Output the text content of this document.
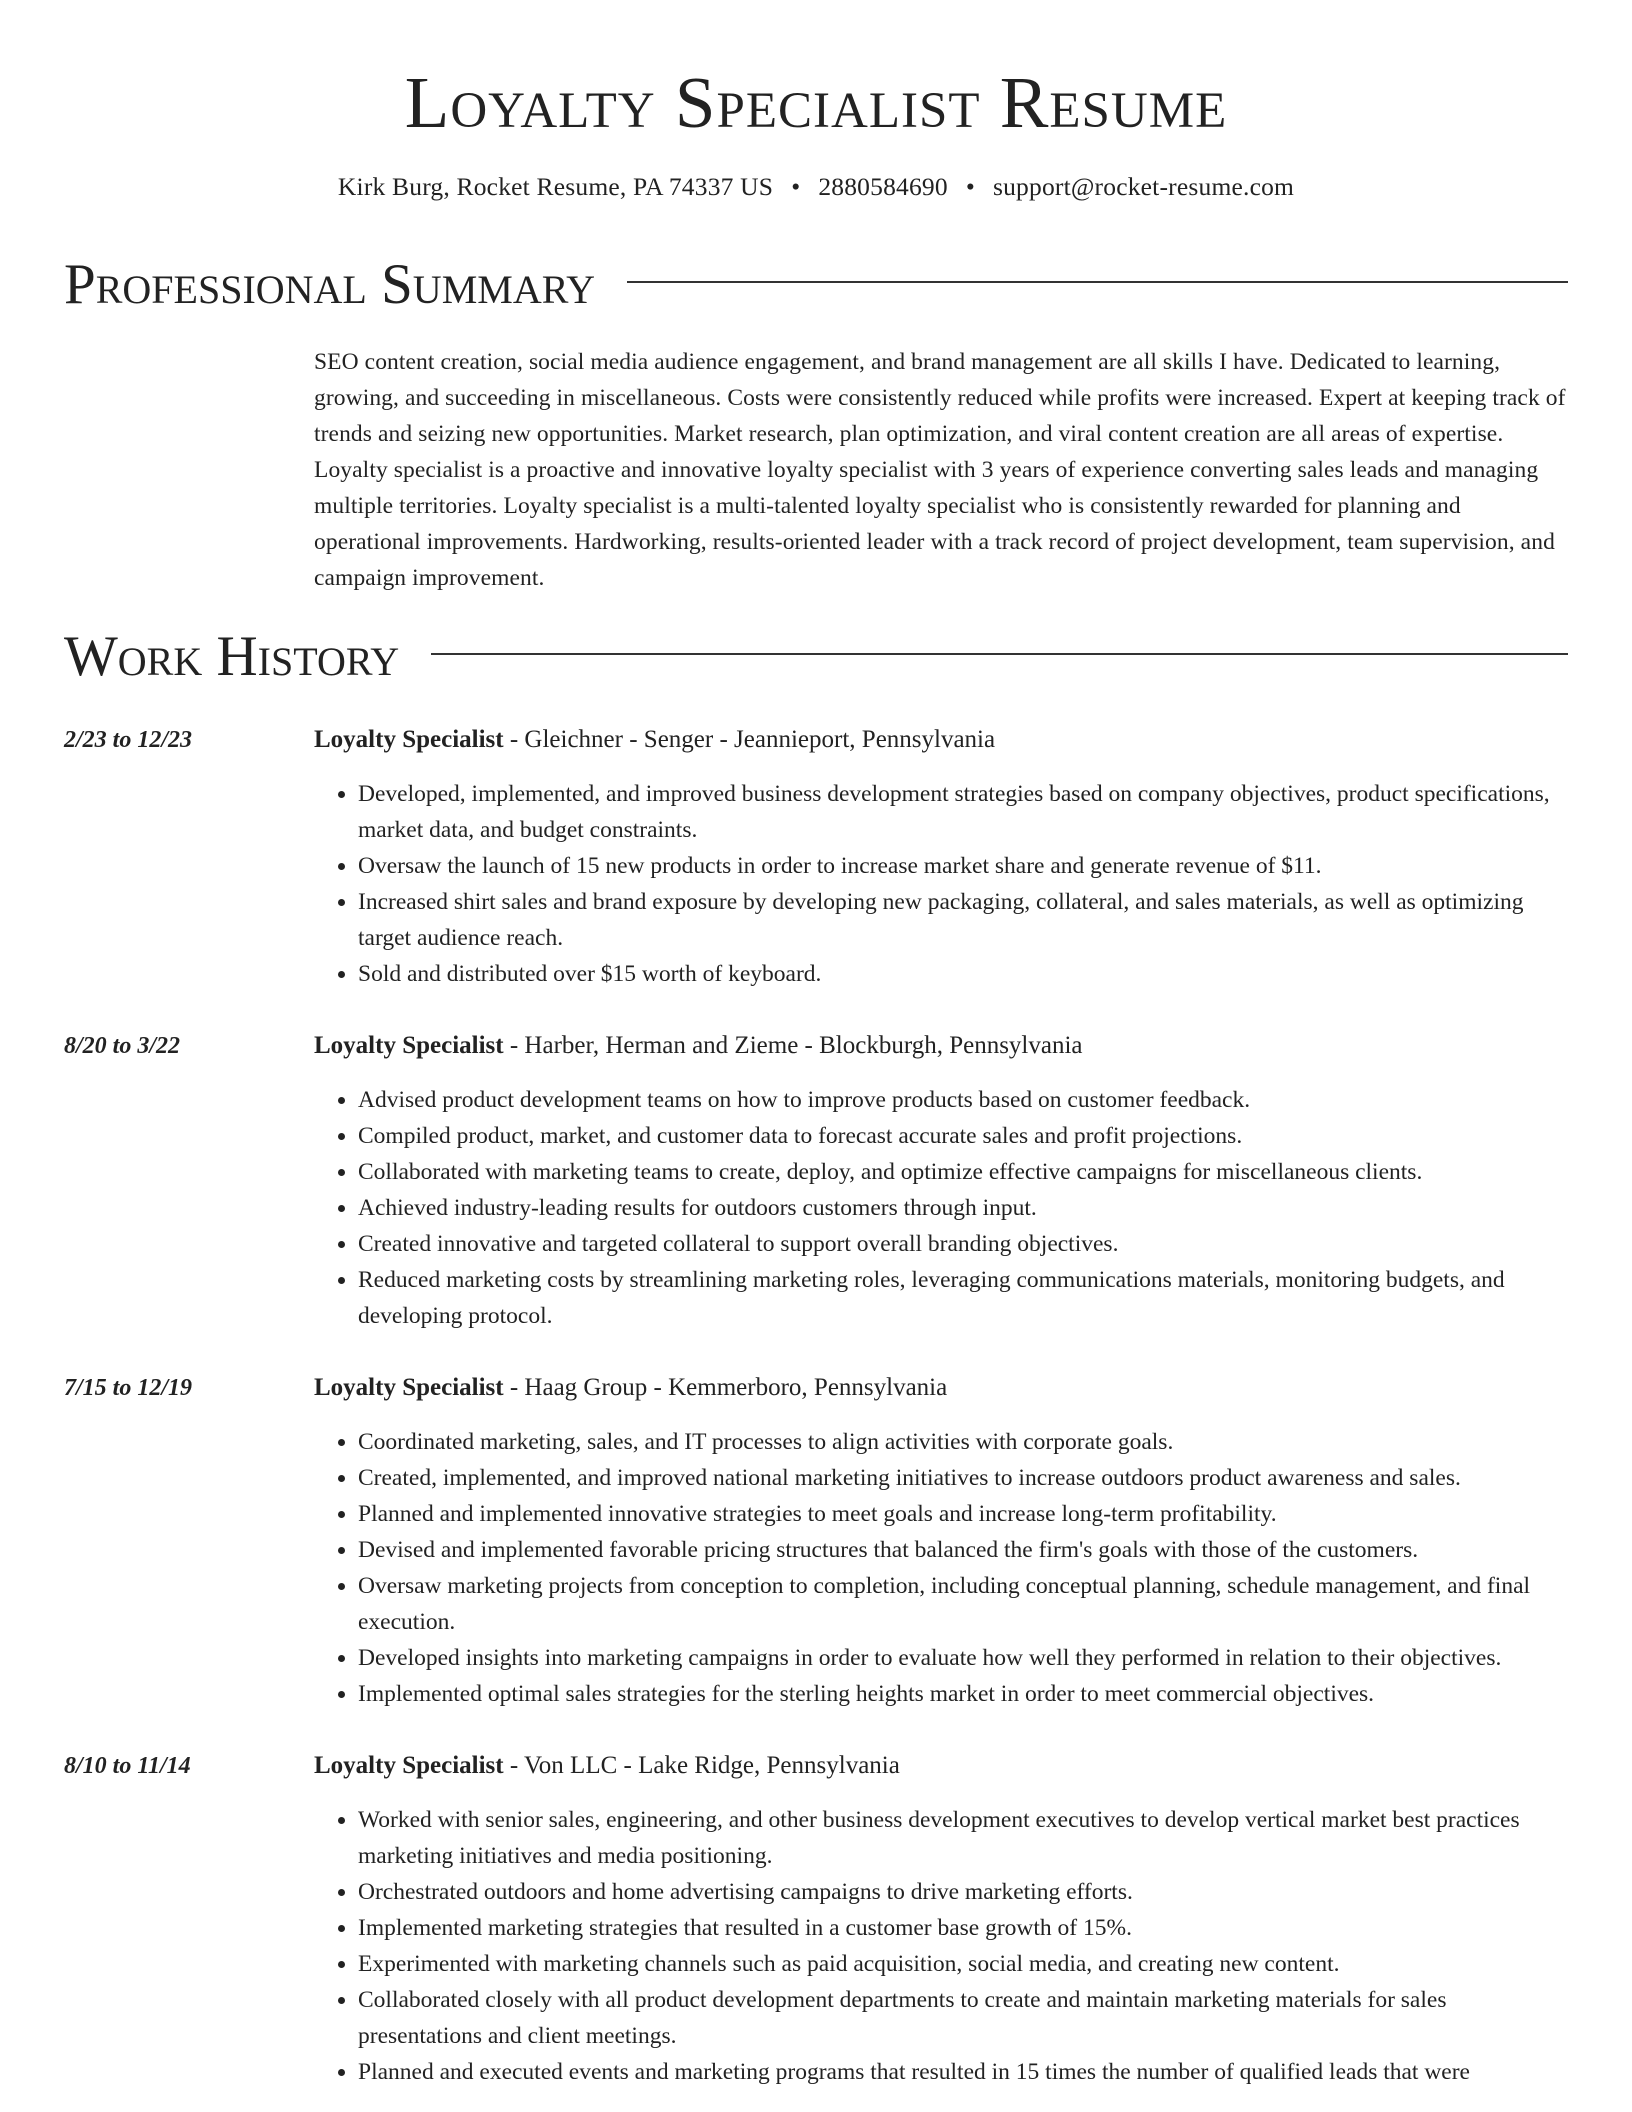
Loyalty Specialist Resume
Kirk Burg, Rocket Resume, PA 74337 US • 2880584690 • support@rocket-resume.com
Professional Summary

SEO content creation, social media audience engagement, and brand management are all skills I have. Dedicated to learning, growing, and succeeding in miscellaneous. Costs were consistently reduced while profits were increased. Expert at keeping track of trends and seizing new opportunities. Market research, plan optimization, and viral content creation are all areas of expertise. Loyalty specialist is a proactive and innovative loyalty specialist with 3 years of experience converting sales leads and managing multiple territories. Loyalty specialist is a multi-talented loyalty specialist who is consistently rewarded for planning and operational improvements. Hardworking, results-oriented leader with a track record of project development, team supervision, and campaign improvement.

Work History
2/23 to 12/23	Loyalty Specialist - Gleichner - Senger - Jeannieport, Pennsylvania
• Developed, implemented, and improved business development strategies based on company objectives, product specifications, market data, and budget constraints.
• Oversaw the launch of 15 new products in order to increase market share and generate revenue of $11.
• Increased shirt sales and brand exposure by developing new packaging, collateral, and sales materials, as well as optimizing target audience reach.
• Sold and distributed over $15 worth of keyboard.
8/20 to 3/22	Loyalty Specialist - Harber, Herman and Zieme - Blockburgh, Pennsylvania
• Advised product development teams on how to improve products based on customer feedback.
• Compiled product, market, and customer data to forecast accurate sales and profit projections.
• Collaborated with marketing teams to create, deploy, and optimize effective campaigns for miscellaneous clients.
• Achieved industry-leading results for outdoors customers through input.
• Created innovative and targeted collateral to support overall branding objectives.
• Reduced marketing costs by streamlining marketing roles, leveraging communications materials, monitoring budgets, and developing protocol.
7/15 to 12/19	Loyalty Specialist - Haag Group - Kemmerboro, Pennsylvania
• Coordinated marketing, sales, and IT processes to align activities with corporate goals.
• Created, implemented, and improved national marketing initiatives to increase outdoors product awareness and sales.
• Planned and implemented innovative strategies to meet goals and increase long-term profitability.
• Devised and implemented favorable pricing structures that balanced the firm's goals with those of the customers.
• Oversaw marketing projects from conception to completion, including conceptual planning, schedule management, and final execution.
• Developed insights into marketing campaigns in order to evaluate how well they performed in relation to their objectives.
• Implemented optimal sales strategies for the sterling heights market in order to meet commercial objectives.
8/10 to 11/14	Loyalty Specialist - Von LLC - Lake Ridge, Pennsylvania
• Worked with senior sales, engineering, and other business development executives to develop vertical market best practices marketing initiatives and media positioning.
• Orchestrated outdoors and home advertising campaigns to drive marketing efforts.
• Implemented marketing strategies that resulted in a customer base growth of 15%.
• Experimented with marketing channels such as paid acquisition, social media, and creating new content.
• Collaborated closely with all product development departments to create and maintain marketing materials for sales presentations and client meetings.
• Planned and executed events and marketing programs that resulted in 15 times the number of qualified leads that were
